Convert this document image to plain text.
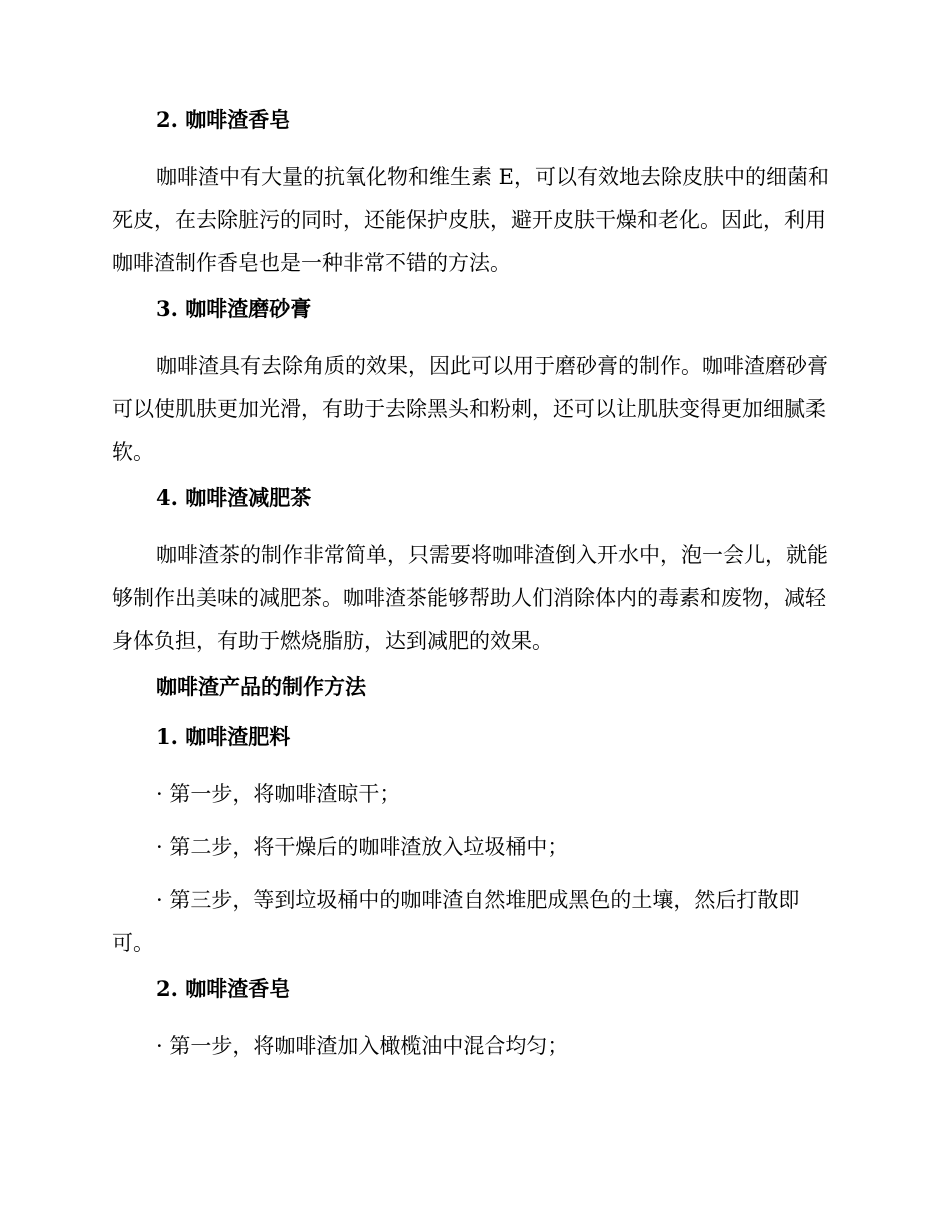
2. 咖啡渣香皂
咖啡渣中有大量的抗氧化物和维生素 E，可以有效地去除皮肤中的细菌和死皮，在去除脏污的同时，还能保护皮肤，避开皮肤干燥和老化。因此，利用咖啡渣制作香皂也是一种非常不错的方法。
3. 咖啡渣磨砂膏
咖啡渣具有去除角质的效果，因此可以用于磨砂膏的制作。咖啡渣磨砂膏可以使肌肤更加光滑，有助于去除黑头和粉刺，还可以让肌肤变得更加细腻柔软。
4. 咖啡渣减肥茶
咖啡渣茶的制作非常简单，只需要将咖啡渣倒入开水中，泡一会儿，就能够制作出美味的减肥茶。咖啡渣茶能够帮助人们消除体内的毒素和废物，减轻身体负担，有助于燃烧脂肪，达到减肥的效果。
咖啡渣产品的制作方法
1. 咖啡渣肥料
· 第一步，将咖啡渣晾干；
· 第二步，将干燥后的咖啡渣放入垃圾桶中；
· 第三步，等到垃圾桶中的咖啡渣自然堆肥成黑色的土壤，然后打散即可。
2. 咖啡渣香皂
· 第一步，将咖啡渣加入橄榄油中混合均匀；
